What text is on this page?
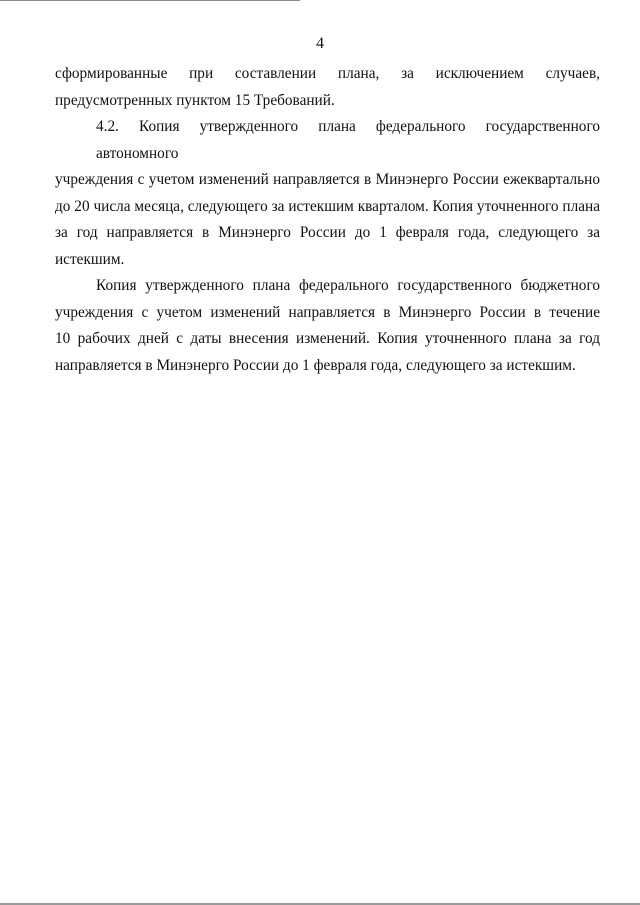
4
сформированные при составлении плана, за исключением случаев,
предусмотренных пунктом 15 Требований.
4.2. Копия утвержденного плана федерального государственного автономного
учреждения с учетом изменений направляется в Минэнерго России ежеквартально
до 20 числа месяца, следующего за истекшим кварталом. Копия уточненного плана
за год направляется в Минэнерго России до 1 февраля года, следующего за
истекшим.
Копия утвержденного плана федерального государственного бюджетного
учреждения с учетом изменений направляется в Минэнерго России в течение
10 рабочих дней с даты внесения изменений. Копия уточненного плана за год
направляется в Минэнерго России до 1 февраля года, следующего за истекшим.
